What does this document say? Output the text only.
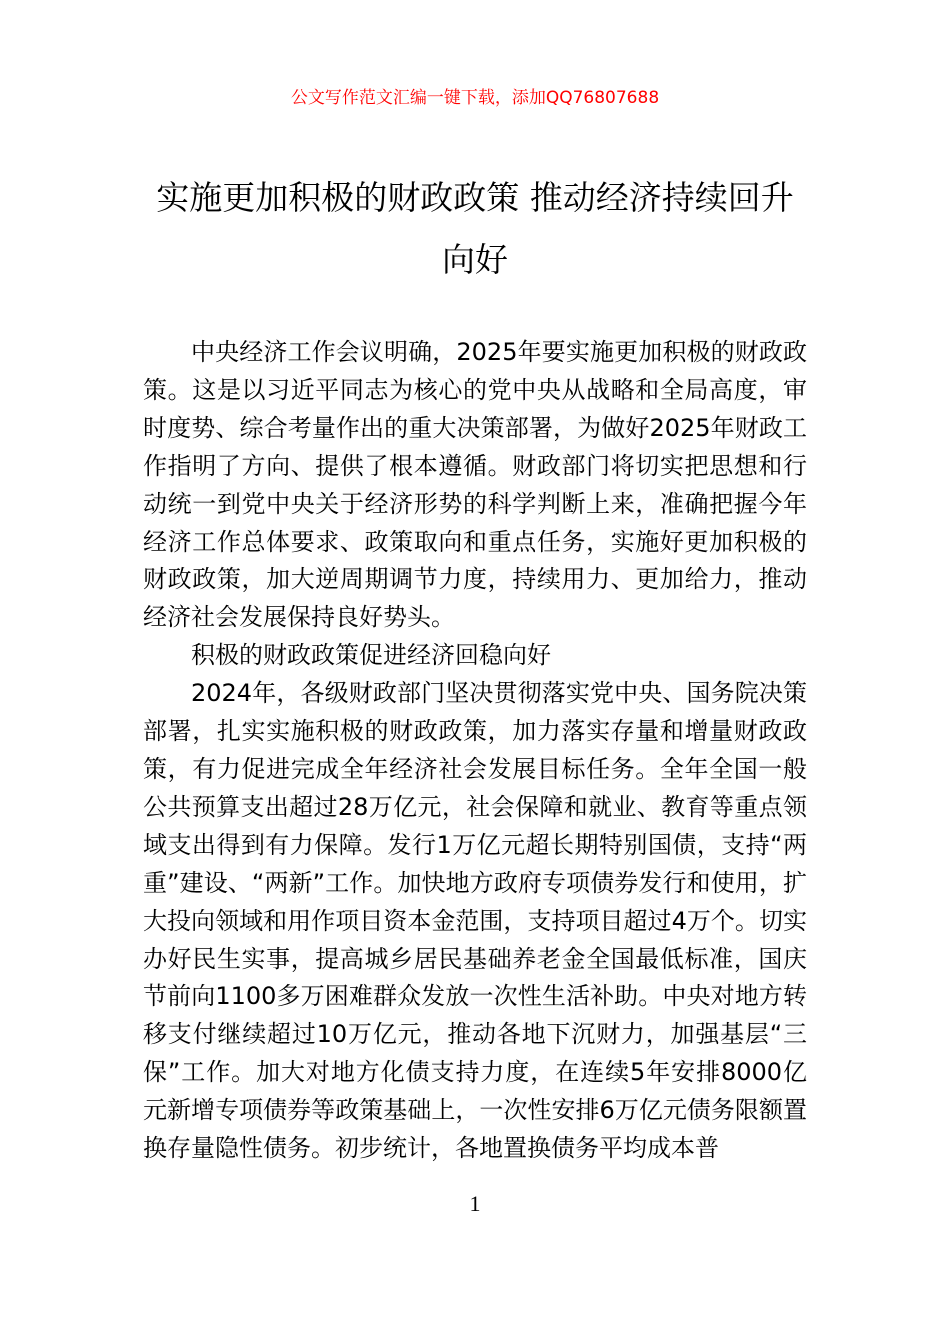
公文写作范文汇编一键下载，添加QQ76807688
实施更加积极的财政政策 推动经济持续回升向好

中央经济工作会议明确，2025年要实施更加积极的财政政策。这是以习近平同志为核心的党中央从战略和全局高度，审时度势、综合考量作出的重大决策部署，为做好2025年财政工作指明了方向、提供了根本遵循。财政部门将切实把思想和行动统一到党中央关于经济形势的科学判断上来，准确把握今年经济工作总体要求、政策取向和重点任务，实施好更加积极的财政政策，加大逆周期调节力度，持续用力、更加给力，推动经济社会发展保持良好势头。

积极的财政政策促进经济回稳向好

2024年，各级财政部门坚决贯彻落实党中央、国务院决策部署，扎实实施积极的财政政策，加力落实存量和增量财政政策，有力促进完成全年经济社会发展目标任务。全年全国一般公共预算支出超过28万亿元，社会保障和就业、教育等重点领域支出得到有力保障。发行1万亿元超长期特别国债，支持“两重”建设、“两新”工作。加快地方政府专项债券发行和使用，扩大投向领域和用作项目资本金范围，支持项目超过4万个。切实办好民生实事，提高城乡居民基础养老金全国最低标准，国庆节前向1100多万困难群众发放一次性生活补助。中央对地方转移支付继续超过10万亿元，推动各地下沉财力，加强基层“三保”工作。加大对地方化债支持力度，在连续5年安排8000亿元新增专项债券等政策基础上，一次性安排6万亿元债务限额置换存量隐性债务。初步统计，各地置换债务平均成本普

1
